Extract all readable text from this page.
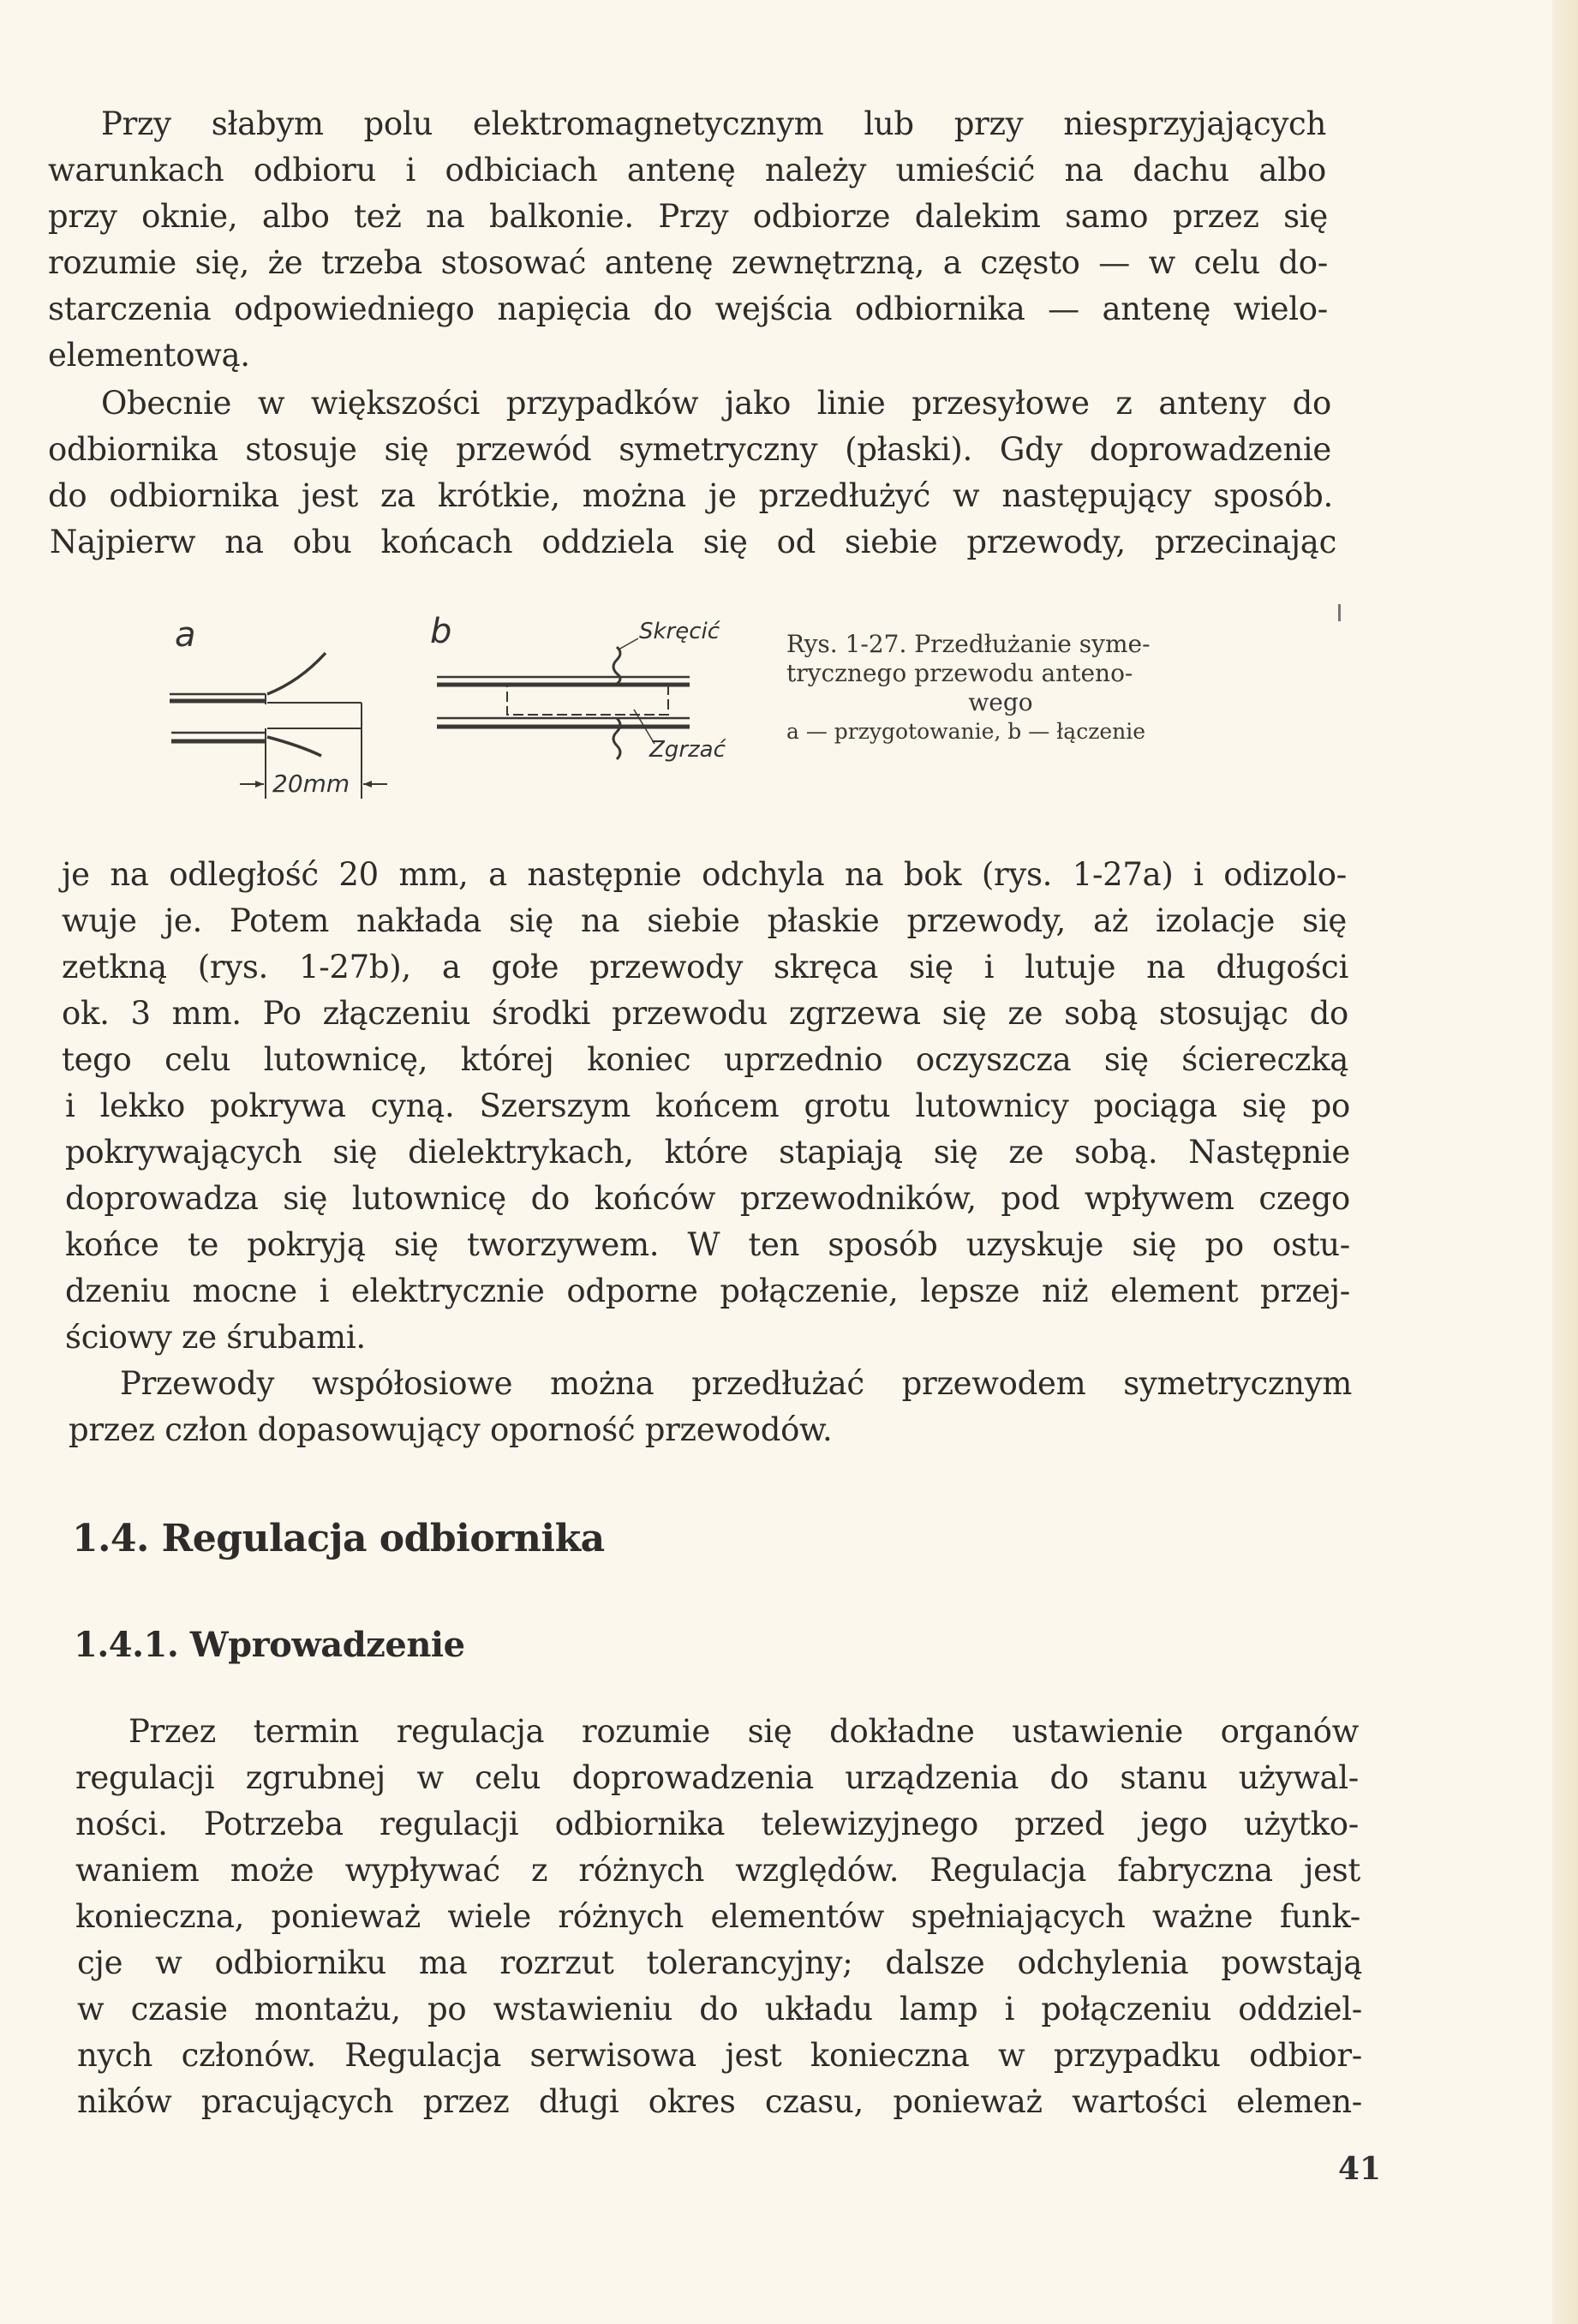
Przy słabym polu elektromagnetycznym lub przy niesprzyjających
warunkach odbioru i odbiciach antenę należy umieścić na dachu albo
przy oknie, albo też na balkonie. Przy odbiorze dalekim samo przez się
rozumie się, że trzeba stosować antenę zewnętrzną, a często — w celu do-
starczenia odpowiedniego napięcia do wejścia odbiornika — antenę wielo-
elementową.
Obecnie w większości przypadków jako linie przesyłowe z anteny do
odbiornika stosuje się przewód symetryczny (płaski). Gdy doprowadzenie
do odbiornika jest za krótkie, można je przedłużyć w następujący sposób.
Najpierw na obu końcach oddziela się od siebie przewody, przecinając
a	b	Skręcić
Zgrzać
20mm
Rys. 1-27. Przedłużanie syme-
trycznego przewodu anteno-
wego
a — przygotowanie, b — łączenie
je na odległość 20 mm, a następnie odchyla na bok (rys. 1-27a) i odizolo-
wuje je. Potem nakłada się na siebie płaskie przewody, aż izolacje się
zetkną (rys. 1-27b), a gołe przewody skręca się i lutuje na długości
ok. 3 mm. Po złączeniu środki przewodu zgrzewa się ze sobą stosując do
tego celu lutownicę, której koniec uprzednio oczyszcza się ściereczką
i lekko pokrywa cyną. Szerszym końcem grotu lutownicy pociąga się po
pokrywających się dielektrykach, które stapiają się ze sobą. Następnie
doprowadza się lutownicę do końców przewodników, pod wpływem czego
końce te pokryją się tworzywem. W ten sposób uzyskuje się po ostu-
dzeniu mocne i elektrycznie odporne połączenie, lepsze niż element przej-
ściowy ze śrubami.
Przewody współosiowe można przedłużać przewodem symetrycznym
przez człon dopasowujący oporność przewodów.
1.4. Regulacja odbiornika
1.4.1. Wprowadzenie
Przez termin regulacja rozumie się dokładne ustawienie organów
regulacji zgrubnej w celu doprowadzenia urządzenia do stanu używal-
ności. Potrzeba regulacji odbiornika telewizyjnego przed jego użytko-
waniem może wypływać z różnych względów. Regulacja fabryczna jest
konieczna, ponieważ wiele różnych elementów spełniających ważne funk-
cje w odbiorniku ma rozrzut tolerancyjny; dalsze odchylenia powstają
w czasie montażu, po wstawieniu do układu lamp i połączeniu oddziel-
nych członów. Regulacja serwisowa jest konieczna w przypadku odbior-
ników pracujących przez długi okres czasu, ponieważ wartości elemen-
41
